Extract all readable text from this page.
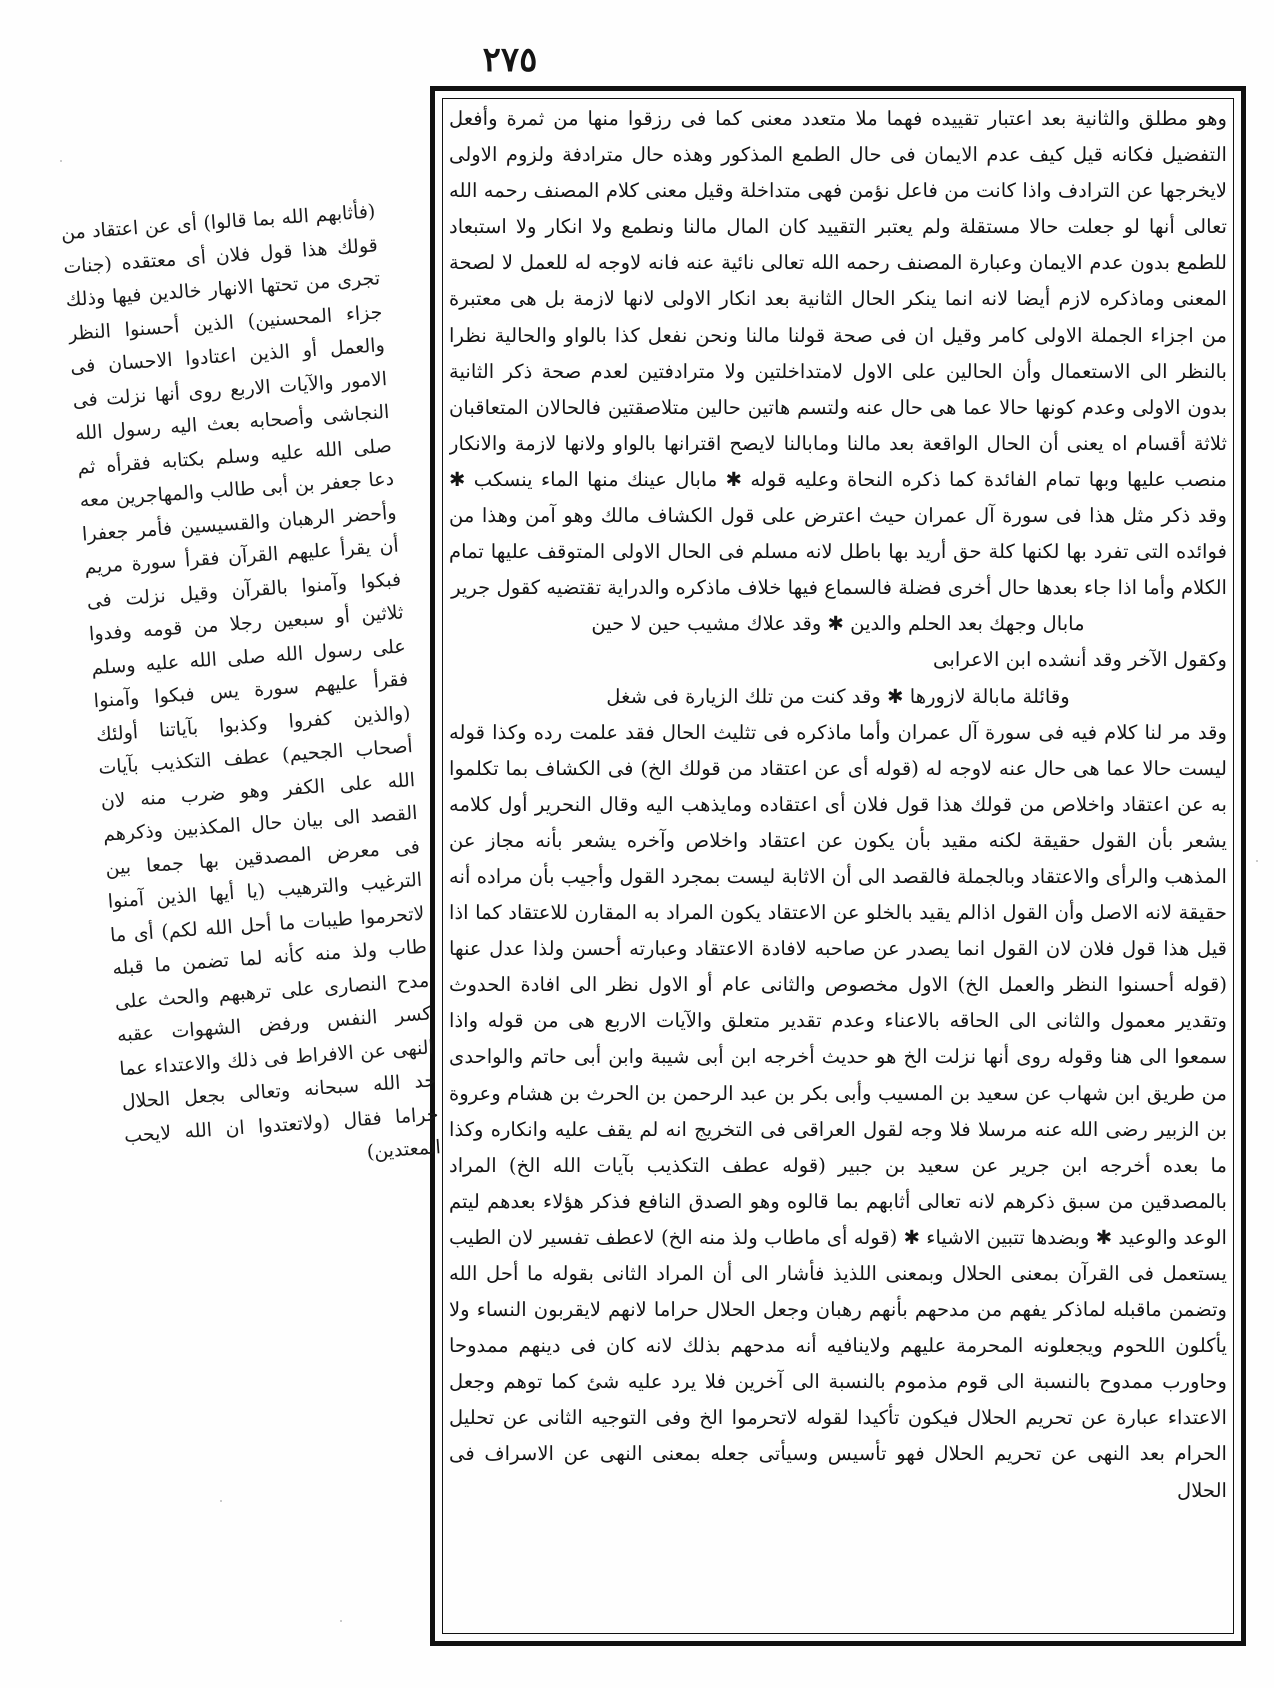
٢٧٥

وهو مطلق والثانية بعد اعتبار تقييده فهما ملا متعدد معنى كما فى رزقوا منها من ثمرة وأفعل التفضيل فكانه قيل كيف عدم الايمان فى حال الطمع المذكور وهذه حال مترادفة ولزوم الاولى لايخرجها عن الترادف واذا كانت من فاعل نؤمن فهى متداخلة وقيل معنى كلام المصنف رحمه الله تعالى أنها لو جعلت حالا مستقلة ولم يعتبر التقييد كان المال مالنا ونطمع ولا انكار ولا استبعاد للطمع بدون عدم الايمان وعبارة المصنف رحمه الله تعالى نائية عنه فانه لاوجه له للعمل لا لصحة المعنى وماذكره لازم أيضا لانه انما ينكر الحال الثانية بعد انكار الاولى لانها لازمة بل هى معتبرة من اجزاء الجملة الاولى كامر وقيل ان فى صحة قولنا مالنا ونحن نفعل كذا بالواو والحالية نظرا بالنظر الى الاستعمال وأن الحالين على الاول لامتداخلتين ولا مترادفتين لعدم صحة ذكر الثانية بدون الاولى وعدم كونها حالا عما هى حال عنه ولتسم هاتين حالين متلاصقتين فالحالان المتعاقبان ثلاثة أقسام اه يعنى أن الحال الواقعة بعد مالنا ومابالنا لايصح اقترانها بالواو ولانها لازمة والانكار منصب عليها وبها تمام الفائدة كما ذكره النحاة وعليه قوله ✱ مابال عينك منها الماء ينسكب ✱ وقد ذكر مثل هذا فى سورة آل عمران حيث اعترض على قول الكشاف مالك وهو آمن وهذا من فوائده التى تفرد بها لكنها كلة حق أريد بها باطل لانه مسلم فى الحال الاولى المتوقف عليها تمام الكلام وأما اذا جاء بعدها حال أخرى فضلة فالسماع فيها خلاف ماذكره والدراية تقتضيه كقول جرير

مابال وجهك بعد الحلم والدين ✱ وقد علاك مشيب حين لا حين

وكقول الآخر وقد أنشده ابن الاعرابى

وقائلة مابالة لازورها ✱ وقد كنت من تلك الزيارة فى شغل

وقد مر لنا كلام فيه فى سورة آل عمران وأما ماذكره فى تثليث الحال فقد علمت رده وكذا قوله ليست حالا عما هى حال عنه لاوجه له (قوله أى عن اعتقاد من قولك الخ) فى الكشاف بما تكلموا به عن اعتقاد واخلاص من قولك هذا قول فلان أى اعتقاده ومايذهب اليه وقال النحرير أول كلامه يشعر بأن القول حقيقة لكنه مقيد بأن يكون عن اعتقاد واخلاص وآخره يشعر بأنه مجاز عن المذهب والرأى والاعتقاد وبالجملة فالقصد الى أن الاثابة ليست بمجرد القول وأجيب بأن مراده أنه حقيقة لانه الاصل وأن القول اذالم يقيد بالخلو عن الاعتقاد يكون المراد به المقارن للاعتقاد كما اذا قيل هذا قول فلان لان القول انما يصدر عن صاحبه لافادة الاعتقاد وعبارته أحسن ولذا عدل عنها (قوله أحسنوا النظر والعمل الخ) الاول مخصوص والثانى عام أو الاول نظر الى افادة الحدوث وتقدير معمول والثانى الى الحاقه بالاعناء وعدم تقدير متعلق والآيات الاربع هى من قوله واذا سمعوا الى هنا وقوله روى أنها نزلت الخ هو حديث أخرجه ابن أبى شيبة وابن أبى حاتم والواحدى من طريق ابن شهاب عن سعيد بن المسيب وأبى بكر بن عبد الرحمن بن الحرث بن هشام وعروة بن الزبير رضى الله عنه مرسلا فلا وجه لقول العراقى فى التخريج انه لم يقف عليه وانكاره وكذا ما بعده أخرجه ابن جرير عن سعيد بن جبير (قوله عطف التكذيب بآيات الله الخ) المراد بالمصدقين من سبق ذكرهم لانه تعالى أثابهم بما قالوه وهو الصدق النافع فذكر هؤلاء بعدهم ليتم الوعد والوعيد ✱ وبضدها تتبين الاشياء ✱ (قوله أى ماطاب ولذ منه الخ) لاعطف تفسير لان الطيب يستعمل فى القرآن بمعنى الحلال وبمعنى اللذيذ فأشار الى أن المراد الثانى بقوله ما أحل الله وتضمن ماقبله لماذكر يفهم من مدحهم بأنهم رهبان وجعل الحلال حراما لانهم لايقربون النساء ولا يأكلون اللحوم ويجعلونه المحرمة عليهم ولاينافيه أنه مدحهم بذلك لانه كان فى دينهم ممدوحا وحاورب ممدوح بالنسبة الى قوم مذموم بالنسبة الى آخرين فلا يرد عليه شئ كما توهم وجعل الاعتداء عبارة عن تحريم الحلال فيكون تأكيدا لقوله لاتحرموا الخ وفى التوجيه الثانى عن تحليل الحرام بعد النهى عن تحريم الحلال فهو تأسيس وسيأتى جعله بمعنى النهى عن الاسراف فى الحلال

(فأثابهم الله بما قالوا) أى عن اعتقاد من قولك هذا قول فلان أى معتقده (جنات تجرى من تحتها الانهار خالدين فيها وذلك جزاء المحسنين) الذين أحسنوا النظر والعمل أو الذين اعتادوا الاحسان فى الامور والآيات الاربع روى أنها نزلت فى النجاشى وأصحابه بعث اليه رسول الله صلى الله عليه وسلم بكتابه فقرأه ثم دعا جعفر بن أبى طالب والمهاجرين معه وأحضر الرهبان والقسيسين فأمر جعفرا أن يقرأ عليهم القرآن فقرأ سورة مريم فبكوا وآمنوا بالقرآن وقيل نزلت فى ثلاثين أو سبعين رجلا من قومه وفدوا على رسول الله صلى الله عليه وسلم فقرأ عليهم سورة يس فبكوا وآمنوا (والذين كفروا وكذبوا بآياتنا أولئك أصحاب الجحيم) عطف التكذيب بآيات الله على الكفر وهو ضرب منه لان القصد الى بيان حال المكذبين وذكرهم فى معرض المصدقين بها جمعا بين الترغيب والترهيب (يا أيها الذين آمنوا لاتحرموا طيبات ما أحل الله لكم) أى ما طاب ولذ منه كأنه لما تضمن ما قبله مدح النصارى على ترهبهم والحث على كسر النفس ورفض الشهوات عقبه النهى عن الافراط فى ذلك والاعتداء عما حد الله سبحانه وتعالى بجعل الحلال حراما فقال (ولاتعتدوا ان الله لايحب المعتدين)
